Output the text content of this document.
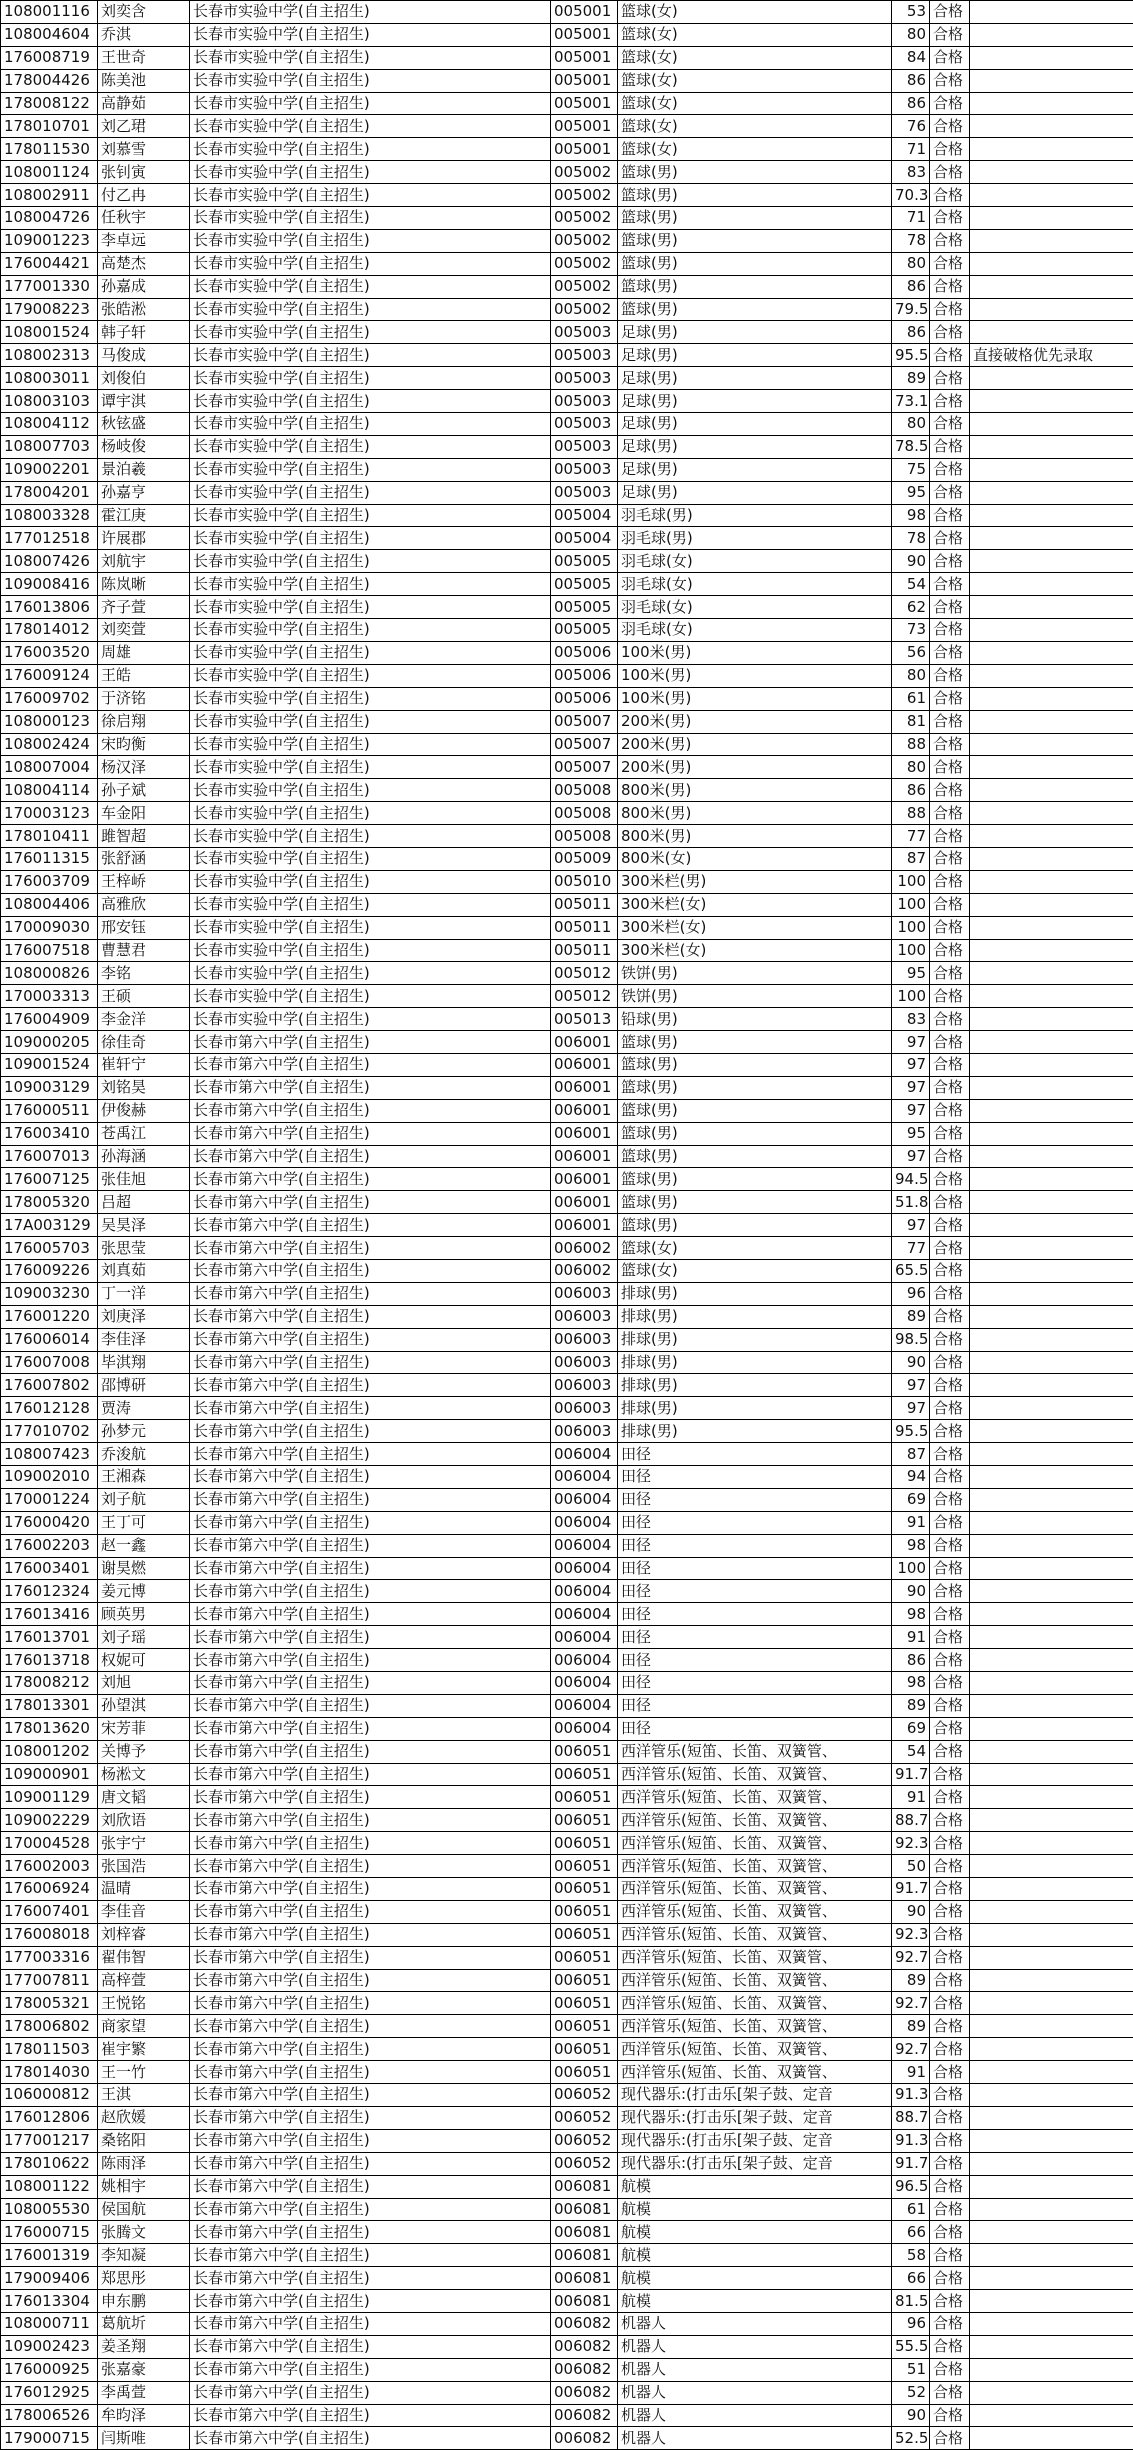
108001116	刘奕含	长春市实验中学(自主招生)	005001	篮球(女)	53	合格	
108004604	乔淇	长春市实验中学(自主招生)	005001	篮球(女)	80	合格	
176008719	王世奇	长春市实验中学(自主招生)	005001	篮球(女)	84	合格	
178004426	陈美池	长春市实验中学(自主招生)	005001	篮球(女)	86	合格	
178008122	高静茹	长春市实验中学(自主招生)	005001	篮球(女)	86	合格	
178010701	刘乙珺	长春市实验中学(自主招生)	005001	篮球(女)	76	合格	
178011530	刘慕雪	长春市实验中学(自主招生)	005001	篮球(女)	71	合格	
108001124	张钊寅	长春市实验中学(自主招生)	005002	篮球(男)	83	合格	
108002911	付乙冉	长春市实验中学(自主招生)	005002	篮球(男)	70.3	合格	
108004726	任秋宇	长春市实验中学(自主招生)	005002	篮球(男)	71	合格	
109001223	李卓远	长春市实验中学(自主招生)	005002	篮球(男)	78	合格	
176004421	高楚杰	长春市实验中学(自主招生)	005002	篮球(男)	80	合格	
177001330	孙嘉成	长春市实验中学(自主招生)	005002	篮球(男)	86	合格	
179008223	张皓淞	长春市实验中学(自主招生)	005002	篮球(男)	79.5	合格	
108001524	韩子轩	长春市实验中学(自主招生)	005003	足球(男)	86	合格	
108002313	马俊成	长春市实验中学(自主招生)	005003	足球(男)	95.5	合格	直接破格优先录取
108003011	刘俊伯	长春市实验中学(自主招生)	005003	足球(男)	89	合格	
108003103	谭宇淇	长春市实验中学(自主招生)	005003	足球(男)	73.1	合格	
108004112	秋铉盛	长春市实验中学(自主招生)	005003	足球(男)	80	合格	
108007703	杨岐俊	长春市实验中学(自主招生)	005003	足球(男)	78.5	合格	
109002201	景泊羲	长春市实验中学(自主招生)	005003	足球(男)	75	合格	
178004201	孙嘉亨	长春市实验中学(自主招生)	005003	足球(男)	95	合格	
108003328	霍江庚	长春市实验中学(自主招生)	005004	羽毛球(男)	98	合格	
177012518	许展郡	长春市实验中学(自主招生)	005004	羽毛球(男)	78	合格	
108007426	刘航宇	长春市实验中学(自主招生)	005005	羽毛球(女)	90	合格	
109008416	陈岚晰	长春市实验中学(自主招生)	005005	羽毛球(女)	54	合格	
176013806	齐子萱	长春市实验中学(自主招生)	005005	羽毛球(女)	62	合格	
178014012	刘奕萱	长春市实验中学(自主招生)	005005	羽毛球(女)	73	合格	
176003520	周雄	长春市实验中学(自主招生)	005006	100米(男)	56	合格	
176009124	王皓	长春市实验中学(自主招生)	005006	100米(男)	80	合格	
176009702	于济铭	长春市实验中学(自主招生)	005006	100米(男)	61	合格	
108000123	徐启翔	长春市实验中学(自主招生)	005007	200米(男)	81	合格	
108002424	宋昀衡	长春市实验中学(自主招生)	005007	200米(男)	88	合格	
108007004	杨汉泽	长春市实验中学(自主招生)	005007	200米(男)	80	合格	
108004114	孙子斌	长春市实验中学(自主招生)	005008	800米(男)	86	合格	
170003123	车金阳	长春市实验中学(自主招生)	005008	800米(男)	88	合格	
178010411	雎智超	长春市实验中学(自主招生)	005008	800米(男)	77	合格	
176011315	张舒涵	长春市实验中学(自主招生)	005009	800米(女)	87	合格	
176003709	王梓峤	长春市实验中学(自主招生)	005010	300米栏(男)	100	合格	
108004406	高雅欣	长春市实验中学(自主招生)	005011	300米栏(女)	100	合格	
170009030	邢安钰	长春市实验中学(自主招生)	005011	300米栏(女)	100	合格	
176007518	曹慧君	长春市实验中学(自主招生)	005011	300米栏(女)	100	合格	
108000826	李铭	长春市实验中学(自主招生)	005012	铁饼(男)	95	合格	
170003313	王硕	长春市实验中学(自主招生)	005012	铁饼(男)	100	合格	
176004909	李金洋	长春市实验中学(自主招生)	005013	铅球(男)	83	合格	
109000205	徐佳奇	长春市第六中学(自主招生)	006001	篮球(男)	97	合格	
109001524	崔轩宁	长春市第六中学(自主招生)	006001	篮球(男)	97	合格	
109003129	刘铭昊	长春市第六中学(自主招生)	006001	篮球(男)	97	合格	
176000511	伊俊赫	长春市第六中学(自主招生)	006001	篮球(男)	97	合格	
176003410	苍禹江	长春市第六中学(自主招生)	006001	篮球(男)	95	合格	
176007013	孙海涵	长春市第六中学(自主招生)	006001	篮球(男)	97	合格	
176007125	张佳旭	长春市第六中学(自主招生)	006001	篮球(男)	94.5	合格	
178005320	吕超	长春市第六中学(自主招生)	006001	篮球(男)	51.8	合格	
17A003129	吴昊泽	长春市第六中学(自主招生)	006001	篮球(男)	97	合格	
176005703	张思莹	长春市第六中学(自主招生)	006002	篮球(女)	77	合格	
176009226	刘真茹	长春市第六中学(自主招生)	006002	篮球(女)	65.5	合格	
109003230	丁一洋	长春市第六中学(自主招生)	006003	排球(男)	96	合格	
176001220	刘庚泽	长春市第六中学(自主招生)	006003	排球(男)	89	合格	
176006014	李佳泽	长春市第六中学(自主招生)	006003	排球(男)	98.5	合格	
176007008	毕淇翔	长春市第六中学(自主招生)	006003	排球(男)	90	合格	
176007802	邵博研	长春市第六中学(自主招生)	006003	排球(男)	97	合格	
176012128	贾涛	长春市第六中学(自主招生)	006003	排球(男)	97	合格	
177010702	孙梦元	长春市第六中学(自主招生)	006003	排球(男)	95.5	合格	
108007423	乔浚航	长春市第六中学(自主招生)	006004	田径	87	合格	
109002010	王湘森	长春市第六中学(自主招生)	006004	田径	94	合格	
170001224	刘子航	长春市第六中学(自主招生)	006004	田径	69	合格	
176000420	王丁可	长春市第六中学(自主招生)	006004	田径	91	合格	
176002203	赵一鑫	长春市第六中学(自主招生)	006004	田径	98	合格	
176003401	谢昊燃	长春市第六中学(自主招生)	006004	田径	100	合格	
176012324	姜元博	长春市第六中学(自主招生)	006004	田径	90	合格	
176013416	顾英男	长春市第六中学(自主招生)	006004	田径	98	合格	
176013701	刘子瑶	长春市第六中学(自主招生)	006004	田径	91	合格	
176013718	权妮可	长春市第六中学(自主招生)	006004	田径	86	合格	
178008212	刘旭	长春市第六中学(自主招生)	006004	田径	98	合格	
178013301	孙望淇	长春市第六中学(自主招生)	006004	田径	89	合格	
178013620	宋芳菲	长春市第六中学(自主招生)	006004	田径	69	合格	
108001202	关博予	长春市第六中学(自主招生)	006051	西洋管乐(短笛、长笛、双簧管、	54	合格	
109000901	杨淞文	长春市第六中学(自主招生)	006051	西洋管乐(短笛、长笛、双簧管、	91.7	合格	
109001129	唐文韬	长春市第六中学(自主招生)	006051	西洋管乐(短笛、长笛、双簧管、	91	合格	
109002229	刘欣语	长春市第六中学(自主招生)	006051	西洋管乐(短笛、长笛、双簧管、	88.7	合格	
170004528	张宇宁	长春市第六中学(自主招生)	006051	西洋管乐(短笛、长笛、双簧管、	92.3	合格	
176002003	张国浩	长春市第六中学(自主招生)	006051	西洋管乐(短笛、长笛、双簧管、	50	合格	
176006924	温晴	长春市第六中学(自主招生)	006051	西洋管乐(短笛、长笛、双簧管、	91.7	合格	
176007401	李佳音	长春市第六中学(自主招生)	006051	西洋管乐(短笛、长笛、双簧管、	90	合格	
176008018	刘梓睿	长春市第六中学(自主招生)	006051	西洋管乐(短笛、长笛、双簧管、	92.3	合格	
177003316	翟伟智	长春市第六中学(自主招生)	006051	西洋管乐(短笛、长笛、双簧管、	92.7	合格	
177007811	高梓萱	长春市第六中学(自主招生)	006051	西洋管乐(短笛、长笛、双簧管、	89	合格	
178005321	王悦铭	长春市第六中学(自主招生)	006051	西洋管乐(短笛、长笛、双簧管、	92.7	合格	
178006802	商家望	长春市第六中学(自主招生)	006051	西洋管乐(短笛、长笛、双簧管、	89	合格	
178011503	崔宇繁	长春市第六中学(自主招生)	006051	西洋管乐(短笛、长笛、双簧管、	92.7	合格	
178014030	王一竹	长春市第六中学(自主招生)	006051	西洋管乐(短笛、长笛、双簧管、	91	合格	
106000812	王淇	长春市第六中学(自主招生)	006052	现代器乐:(打击乐[架子鼓、定音	91.3	合格	
176012806	赵欣媛	长春市第六中学(自主招生)	006052	现代器乐:(打击乐[架子鼓、定音	88.7	合格	
177001217	桑铭阳	长春市第六中学(自主招生)	006052	现代器乐:(打击乐[架子鼓、定音	91.3	合格	
178010622	陈雨泽	长春市第六中学(自主招生)	006052	现代器乐:(打击乐[架子鼓、定音	91.7	合格	
108001122	姚相宇	长春市第六中学(自主招生)	006081	航模	96.5	合格	
108005530	侯国航	长春市第六中学(自主招生)	006081	航模	61	合格	
176000715	张腾文	长春市第六中学(自主招生)	006081	航模	66	合格	
176001319	李知凝	长春市第六中学(自主招生)	006081	航模	58	合格	
179009406	郑思彤	长春市第六中学(自主招生)	006081	航模	66	合格	
176013304	申东鹏	长春市第六中学(自主招生)	006081	航模	81.5	合格	
108000711	葛航圻	长春市第六中学(自主招生)	006082	机器人	96	合格	
109002423	姜圣翔	长春市第六中学(自主招生)	006082	机器人	55.5	合格	
176000925	张嘉豪	长春市第六中学(自主招生)	006082	机器人	51	合格	
176012925	李禹萱	长春市第六中学(自主招生)	006082	机器人	52	合格	
178006526	牟昀泽	长春市第六中学(自主招生)	006082	机器人	90	合格	
179000715	闫斯唯	长春市第六中学(自主招生)	006082	机器人	52.5	合格	
